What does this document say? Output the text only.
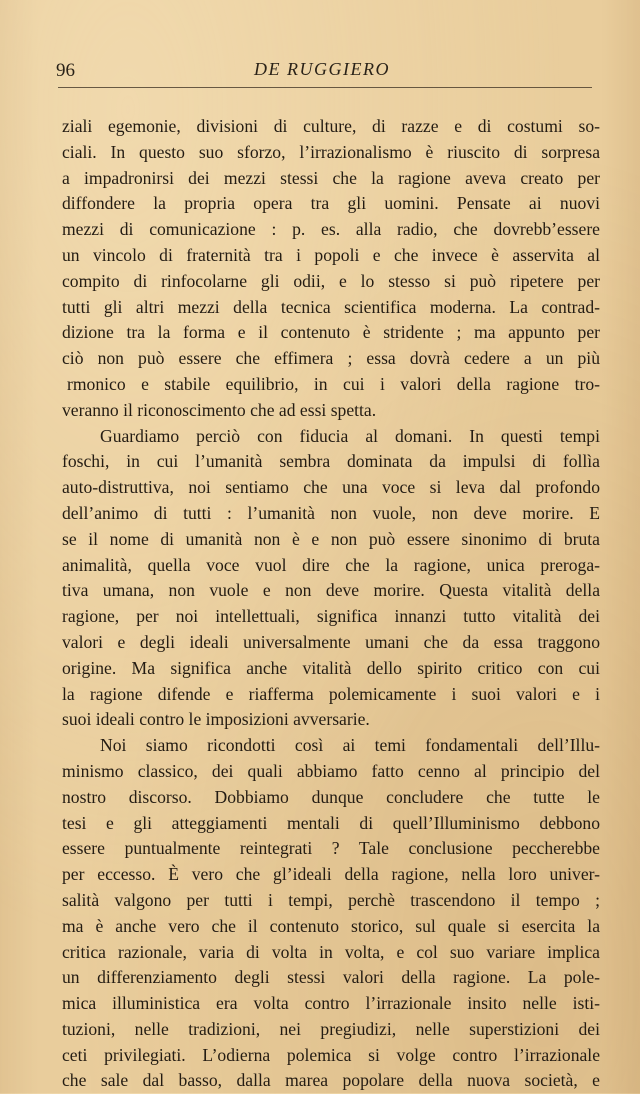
96	DE RUGGIERO
ziali egemonie, divisioni di culture, di razze e di costumi so-
ciali. In questo suo sforzo, l’irrazionalismo è riuscito di sorpresa
a impadronirsi dei mezzi stessi che la ragione aveva creato per
diffondere la propria opera tra gli uomini. Pensate ai nuovi
mezzi di comunicazione : p. es. alla radio, che dovrebb’essere
un vincolo di fraternità tra i popoli e che invece è asservita al
compito di rinfocolarne gli odii, e lo stesso si può ripetere per
tutti gli altri mezzi della tecnica scientifica moderna. La contrad-
dizione tra la forma e il contenuto è stridente ; ma appunto per
ciò non può essere che effimera ; essa dovrà cedere a un più
rmonico e stabile equilibrio, in cui i valori della ragione tro-
veranno il riconoscimento che ad essi spetta.
Guardiamo perciò con fiducia al domani. In questi tempi
foschi, in cui l’umanità sembra dominata da impulsi di follìa
auto-distruttiva, noi sentiamo che una voce si leva dal profondo
dell’animo di tutti : l’umanità non vuole, non deve morire. E
se il nome di umanità non è e non può essere sinonimo di bruta
animalità, quella voce vuol dire che la ragione, unica preroga-
tiva umana, non vuole e non deve morire. Questa vitalità della
ragione, per noi intellettuali, significa innanzi tutto vitalità dei
valori e degli ideali universalmente umani che da essa traggono
origine. Ma significa anche vitalità dello spirito critico con cui
la ragione difende e riafferma polemicamente i suoi valori e i
suoi ideali contro le imposizioni avversarie.
Noi siamo ricondotti così ai temi fondamentali dell’Illu-
minismo classico, dei quali abbiamo fatto cenno al principio del
nostro discorso. Dobbiamo dunque concludere che tutte le
tesi e gli atteggiamenti mentali di quell’Illuminismo debbono
essere puntualmente reintegrati ? Tale conclusione peccherebbe
per eccesso. È vero che gl’ideali della ragione, nella loro univer-
salità valgono per tutti i tempi, perchè trascendono il tempo ;
ma è anche vero che il contenuto storico, sul quale si esercita la
critica razionale, varia di volta in volta, e col suo variare implica
un differenziamento degli stessi valori della ragione. La pole-
mica illuministica era volta contro l’irrazionale insito nelle isti-
tuzioni, nelle tradizioni, nei pregiudizi, nelle superstizioni dei
ceti privilegiati. L’odierna polemica si volge contro l’irrazionale
che sale dal basso, dalla marea popolare della nuova società, e
